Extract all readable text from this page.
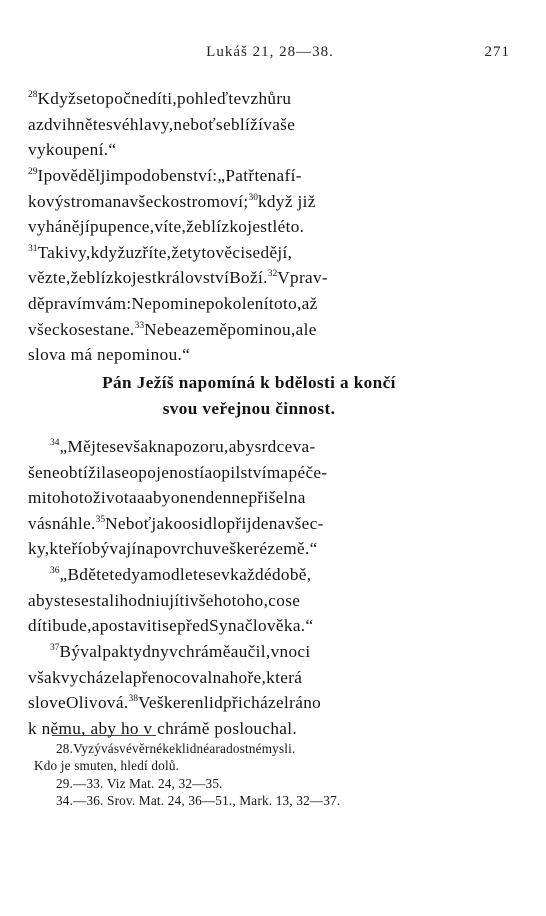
Lukáš 21, 28—38.	271
$^{28}$Kdyžsetopočnedíti,pohleďtevzhůru
azdvihnětesvéhlavy,neboťseblížívaše
vykoupení.“
$^{29}$Ipověděljimpodobenství:„Patřtenafí-
kovýstromanavšeckostromoví;$^{30}$když již
vyhánějípupence,víte,žeblízkojestléto.
$^{31}$Takivy,kdyžuzříte,žetytověcisedějí,
vězte,žeblízkojestkrálovstvíBoží.$^{32}$Vprav-
děpravímvám:Nepominepokolenítoto,až
všeckosestane.$^{33}$Nebeazeměpominou,ale
slova má nepominou.“
Pán Ježíš napomíná k bdělosti a končí
svou veřejnou činnost.
$^{34}$„Mějtesevšaknapozoru,abysrdceva-
šeneobtížilaseopojenostíaopilstvímapéče-
mitohotoživotaaabyonendennepřišelna
vásnáhle.$^{35}$Neboťjakoosidlopřijdenavšec-
ky,kteříobývajínapovrchuveškerézemě.“
$^{36}$„Bdětetedyamodletesevkaždédobě,
abystesestalihodniujítivšehotoho,cose
dítibude,apostavitisepředSynačlověka.“
$^{37}$Bývalpaktydnyvchráměaučil,vnoci
všakvycházelapřenocovalnahoře,která
sloveOlivová.$^{38}$Veškerenlidpřicházelráno
k němu, aby ho v chrámě poslouchal.
28.Vyzývásvévěrnékeklidnéaradostnémysli.
Kdo je smuten, hledí dolů.
29.—33. Viz Mat. 24, 32—35.
34.—36. Srov. Mat. 24, 36—51., Mark. 13, 32—37.
